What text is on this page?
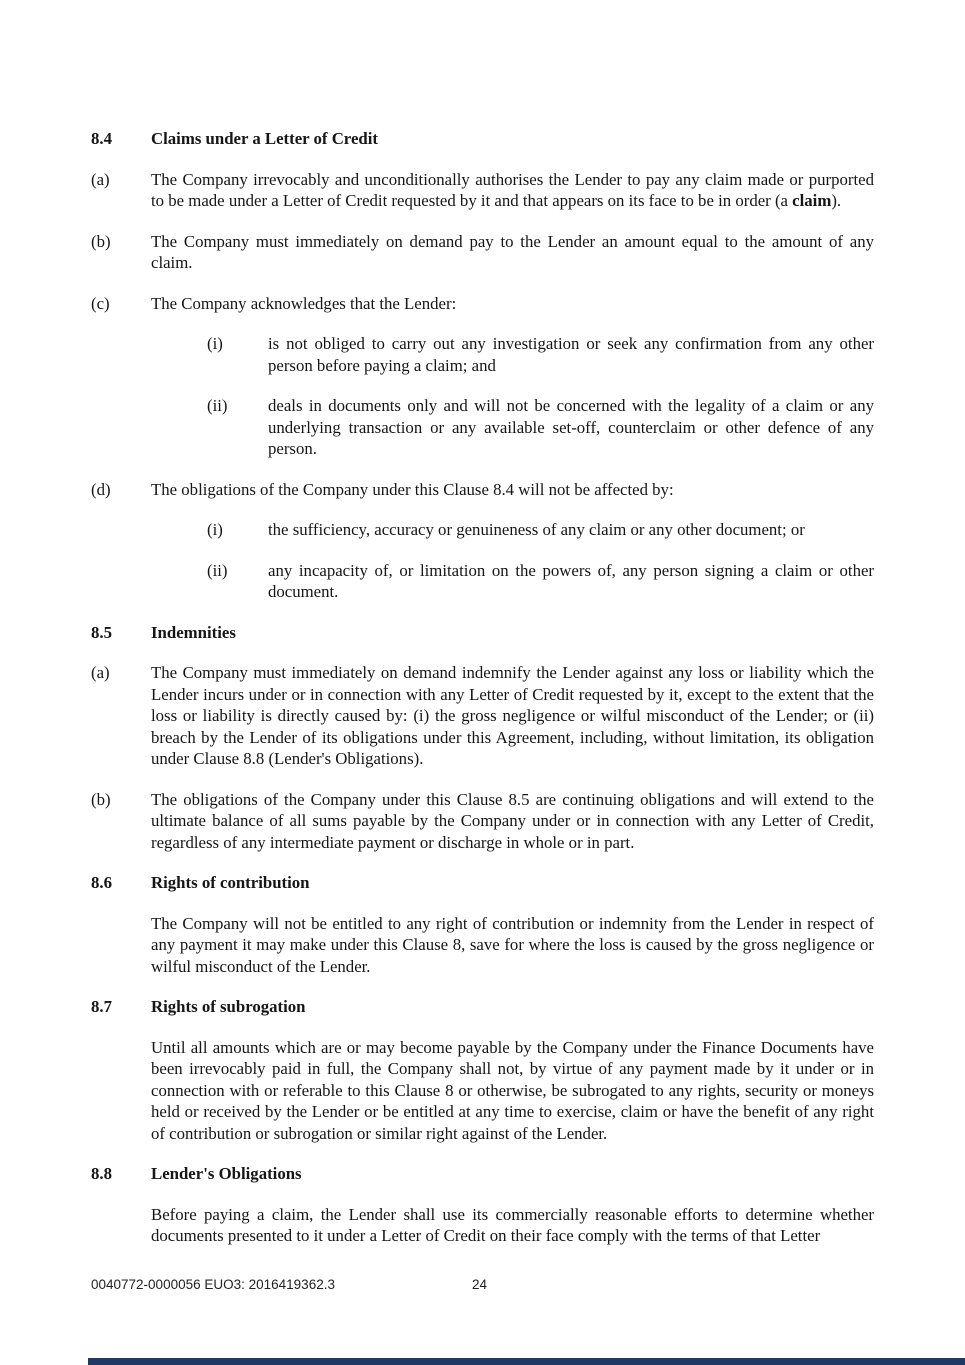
8.4 Claims under a Letter of Credit
(a) The Company irrevocably and unconditionally authorises the Lender to pay any claim made or purported to be made under a Letter of Credit requested by it and that appears on its face to be in order (a claim).
(b) The Company must immediately on demand pay to the Lender an amount equal to the amount of any claim.
(c) The Company acknowledges that the Lender:
(i)	is not obliged to carry out any investigation or seek any confirmation from any other person before paying a claim; and
(ii) deals in documents only and will not be concerned with the legality of a claim or any underlying transaction or any available set-off, counterclaim or other defence of any person.
(d) The obligations of the Company under this Clause 8.4 will not be affected by:
(i)	the sufficiency, accuracy or genuineness of any claim or any other document; or
(ii) any incapacity of, or limitation on the powers of, any person signing a claim or other document.
8.5 Indemnities
(a) The Company must immediately on demand indemnify the Lender against any loss or liability which the Lender incurs under or in connection with any Letter of Credit requested by it, except to the extent that the loss or liability is directly caused by: (i) the gross negligence or wilful misconduct of the Lender; or (ii) breach by the Lender of its obligations under this Agreement, including, without limitation, its obligation under Clause 8.8 (Lender's Obligations).
(b) The obligations of the Company under this Clause 8.5 are continuing obligations and will extend to the ultimate balance of all sums payable by the Company under or in connection with any Letter of Credit, regardless of any intermediate payment or discharge in whole or in part.
8.6 Rights of contribution
The Company will not be entitled to any right of contribution or indemnity from the Lender in respect of any payment it may make under this Clause 8, save for where the loss is caused by the gross negligence or wilful misconduct of the Lender.
8.7 Rights of subrogation
Until all amounts which are or may become payable by the Company under the Finance Documents have been irrevocably paid in full, the Company shall not, by virtue of any payment made by it under or in connection with or referable to this Clause 8 or otherwise, be subrogated to any rights, security or moneys held or received by the Lender or be entitled at any time to exercise, claim or have the benefit of any right of contribution or subrogation or similar right against of the Lender.
8.8 Lender's Obligations
Before paying a claim, the Lender shall use its commercially reasonable efforts to determine whether documents presented to it under a Letter of Credit on their face comply with the terms of that Letter
0040772-0000056 EUO3: 2016419362.3	24
